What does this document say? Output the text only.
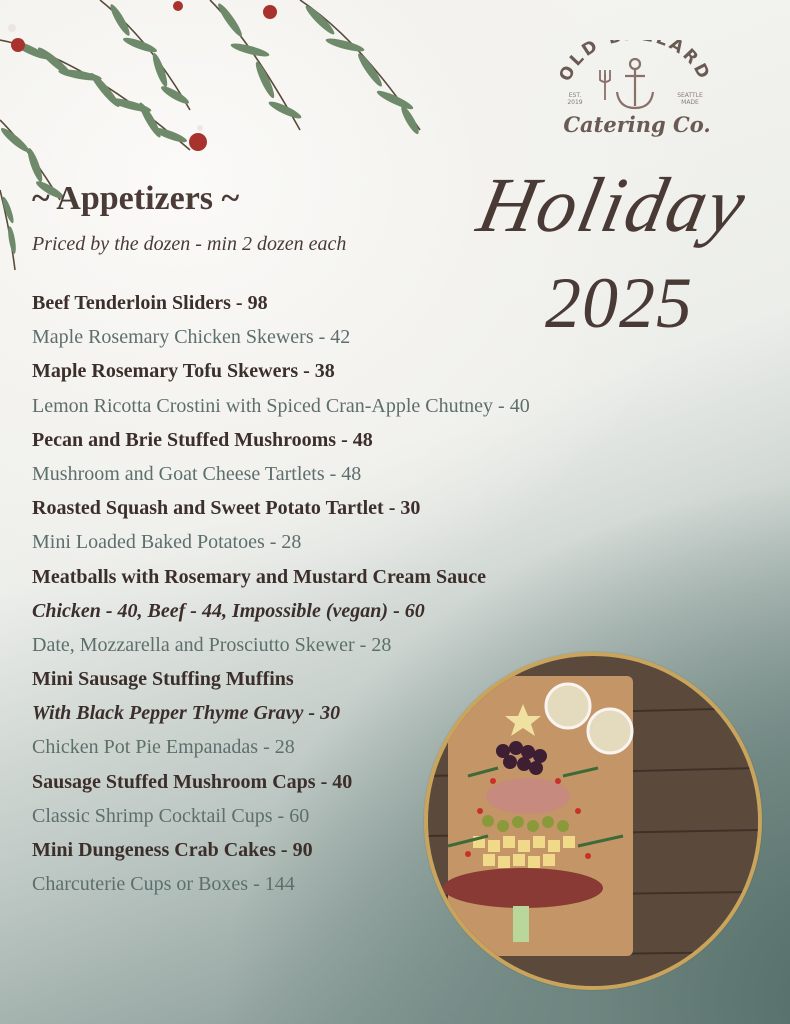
OLD ARD
EST.
2019
SEATTLE
MADE
Catering Co.
Holiday
2025
~ Appetizers ~
Priced by the dozen - min 2 dozen each
Beef Tenderloin Sliders - 98
Maple Rosemary Chicken Skewers - 42
Maple Rosemary Tofu Skewers - 38
Lemon Ricotta Crostini with Spiced Cran-Apple Chutney - 40
Pecan and Brie Stuffed Mushrooms - 48
Mushroom and Goat Cheese Tartlets - 48
Roasted Squash and Sweet Potato Tartlet - 30
Mini Loaded Baked Potatoes - 28
Meatballs with Rosemary and Mustard Cream Sauce
Chicken - 40, Beef - 44, Impossible (vegan) - 60
Date, Mozzarella and Prosciutto Skewer - 28
Mini Sausage Stuffing Muffins
With Black Pepper Thyme Gravy - 30
Chicken Pot Pie Empanadas - 28
Sausage Stuffed Mushroom Caps - 40
Classic Shrimp Cocktail Cups - 60
Mini Dungeness Crab Cakes - 90
Charcuterie Cups or Boxes - 144
